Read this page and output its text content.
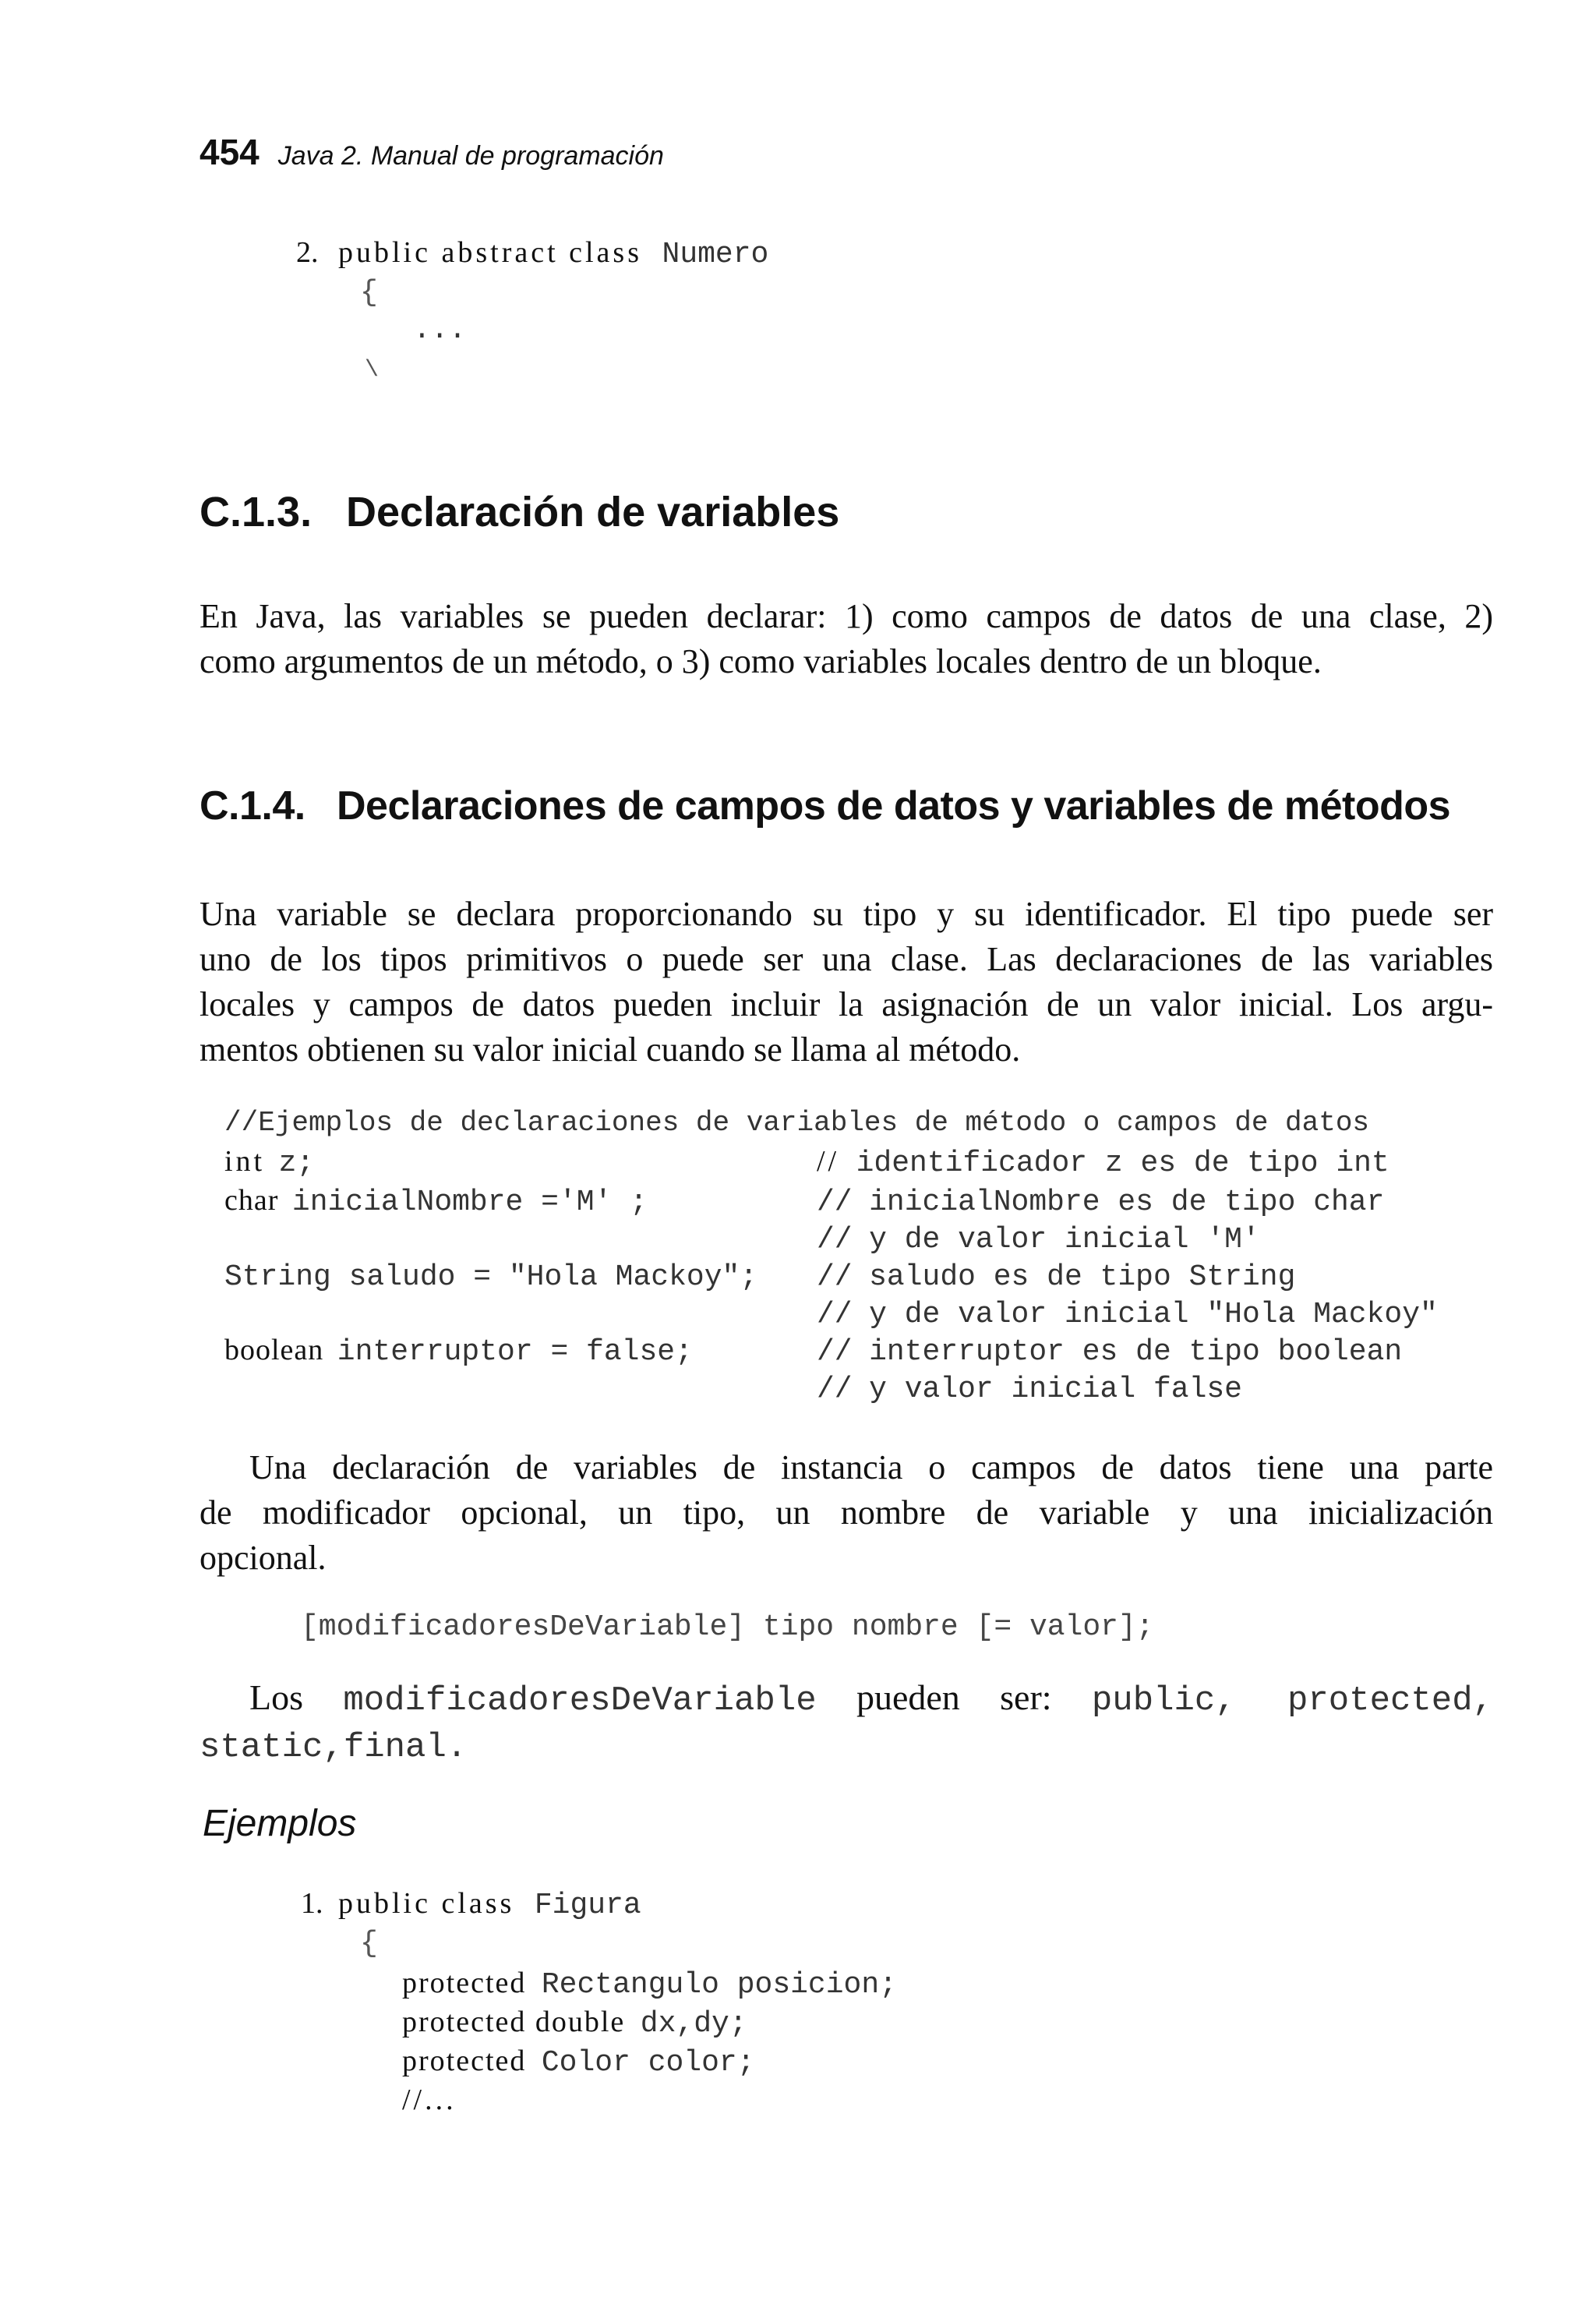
454 Java 2. Manual de programación
2. public abstract class Numero
{
...
\
C.1.3. Declaración de variables
En Java, las variables se pueden declarar: 1) como campos de datos de una clase, 2)
como argumentos de un método, o 3) como variables locales dentro de un bloque.
C.1.4. Declaraciones de campos de datos y variables de métodos
Una variable se declara proporcionando su tipo y su identificador. El tipo puede ser
uno de los tipos primitivos o puede ser una clase. Las declaraciones de las variables
locales y campos de datos pueden incluir la asignación de un valor inicial. Los argu-
mentos obtienen su valor inicial cuando se llama al método.
//Ejemplos de declaraciones de variables de método o campos de datos
int z;	// identificador z es de tipo int
char inicialNombre ='M' ;	// inicialNombre es de tipo char
// y de valor inicial 'M'
String saludo = "Hola Mackoy"; // saludo es de tipo String
// y de valor inicial "Hola Mackoy"
boolean interruptor = false;	// interruptor es de tipo boolean
// y valor inicial false
Una declaración de variables de instancia o campos de datos tiene una parte
de modificador opcional, un tipo, un nombre de variable y una inicialización
opcional.
[modificadoresDeVariable] tipo nombre [= valor];
Los modificadoresDeVariable pueden ser: public, protected,
static,final.
Ejemplos
1. public class Figura
{
protected Rectangulo posicion;
protected double dx,dy;
protected Color color;
//...
